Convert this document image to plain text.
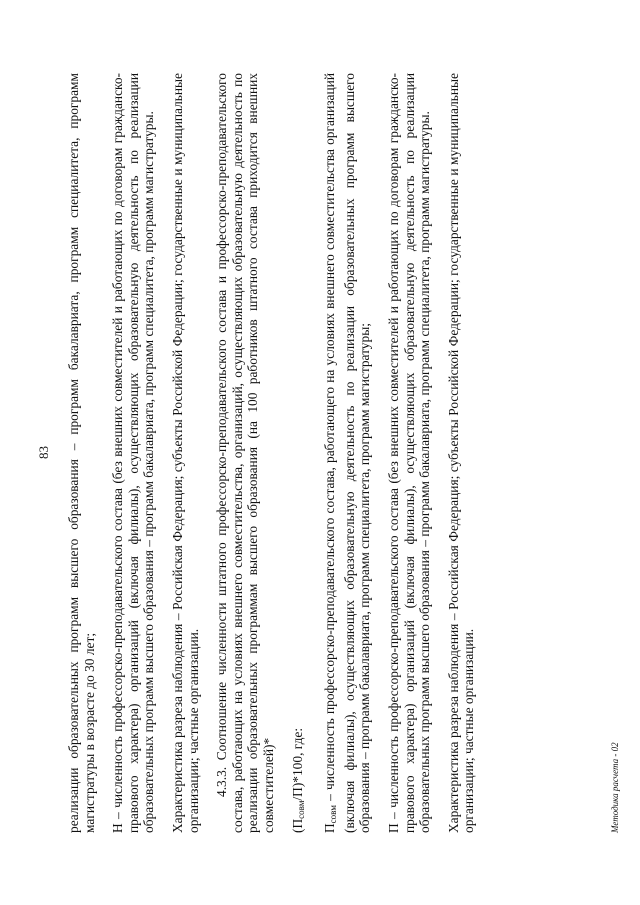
83 реализации образовательных программ высшего образования – программ бакалавриата, программ специалитета, программ магистратуры в возрасте до 30 лет; Н – численность профессорско-преподавательского состава (без внешних совместителей и работающих по договорам гражданско-правового характера) организаций (включая филиалы), осуществляющих образовательную деятельность по реализации образовательных программ высшего образования – программ бакалавриата, программ специалитета, программ магистратуры. Характеристика разреза наблюдения – Российская Федерация; субъекты Российской Федерации; государственные и муниципальные организации; частные организации. 4.3.3. Соотношение численности штатного профессорско-преподавательского состава и профессорско-преподавательского состава, работающих на условиях внешнего совместительства, организаций, осуществляющих образовательную деятельность по реализации образовательных программам высшего образования (на 100 работников штатного состава приходится внешних совместителей)* $(П_{совм}/П)*100$, где:

$П_{совм}$ – численность профессорско-преподавательского состава, работающего на условиях внешнего совместительства организаций (включая филиалы), осуществляющих образовательную деятельность по реализации образовательных программ высшего образования – программ бакалавриата, программ специалитета, программ магистратуры; П – численность профессорско-преподавательского состава (без внешних совместителей и работающих по договорам гражданско-правового характера) организаций (включая филиалы), осуществляющих образовательную деятельность по реализации образовательных программ высшего образования – программ бакалавриата, программ специалитета, программ магистратуры. Характеристика разреза наблюдения – Российская Федерация; субъекты Российской Федерации; государственные и муниципальные организации; частные организации.	Методика расчета - 02
